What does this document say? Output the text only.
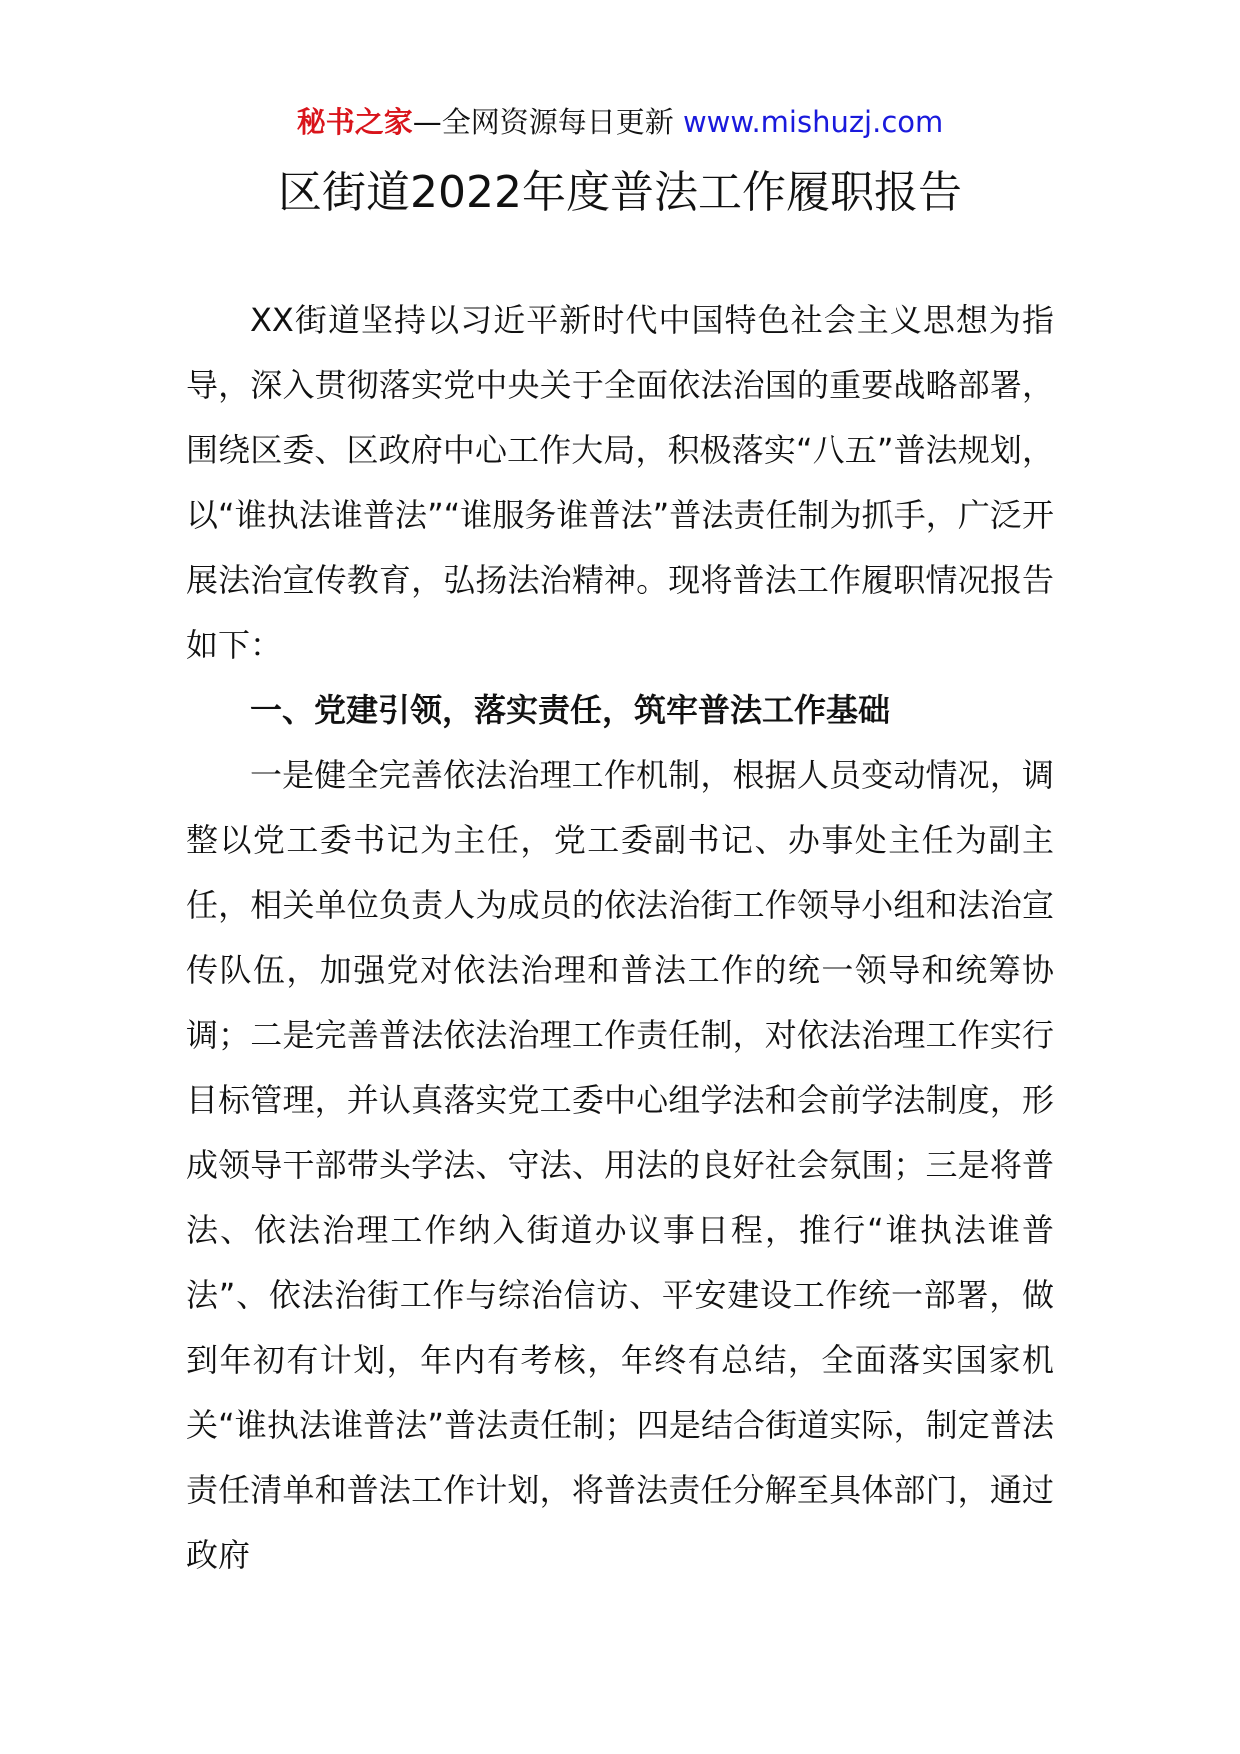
秘书之家—全网资源每日更新 www.mishuzj.com
区街道2022年度普法工作履职报告

XX街道坚持以习近平新时代中国特色社会主义思想为指导，深入贯彻落实党中央关于全面依法治国的重要战略部署，围绕区委、区政府中心工作大局，积极落实“八五”普法规划，以“谁执法谁普法”“谁服务谁普法”普法责任制为抓手，广泛开展法治宣传教育，弘扬法治精神。现将普法工作履职情况报告如下：

一、党建引领，落实责任，筑牢普法工作基础

一是健全完善依法治理工作机制，根据人员变动情况，调整以党工委书记为主任，党工委副书记、办事处主任为副主任，相关单位负责人为成员的依法治街工作领导小组和法治宣传队伍，加强党对依法治理和普法工作的统一领导和统筹协调；二是完善普法依法治理工作责任制，对依法治理工作实行目标管理，并认真落实党工委中心组学法和会前学法制度，形成领导干部带头学法、守法、用法的良好社会氛围；三是将普法、依法治理工作纳入街道办议事日程，推行“谁执法谁普法”、依法治街工作与综治信访、平安建设工作统一部署，做到年初有计划，年内有考核，年终有总结，全面落实国家机关“谁执法谁普法”普法责任制；四是结合街道实际，制定普法责任清单和普法工作计划，将普法责任分解至具体部门，通过政府
